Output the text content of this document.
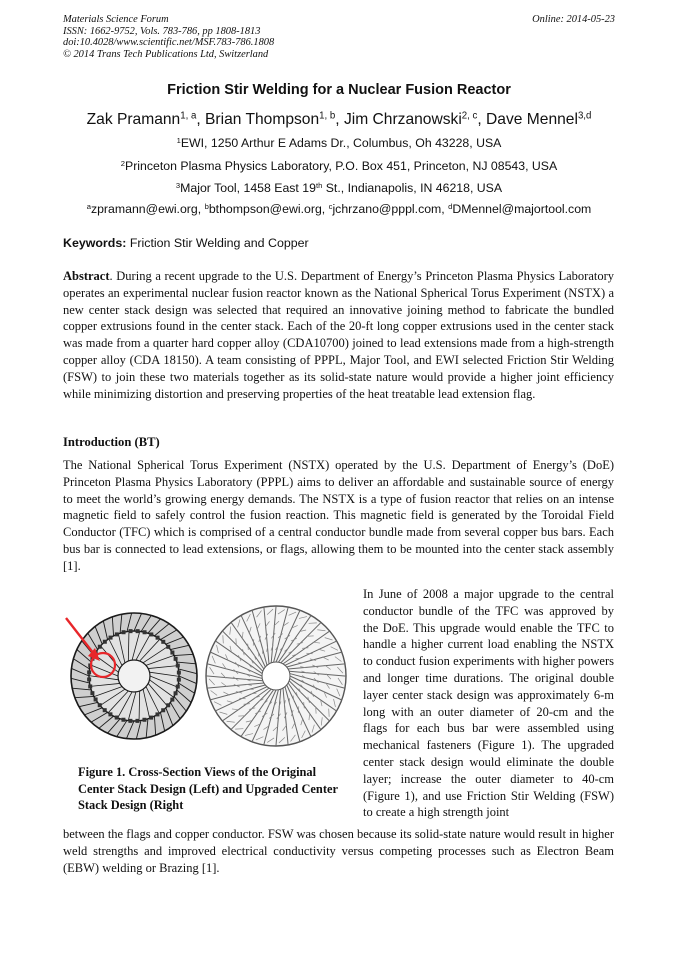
Materials Science Forum
ISSN: 1662-9752, Vols. 783-786, pp 1808-1813
doi:10.4028/www.scientific.net/MSF.783-786.1808
© 2014 Trans Tech Publications Ltd, Switzerland
Online: 2014-05-23
Friction Stir Welding for a Nuclear Fusion Reactor
Zak Pramann$^{1, a}$, Brian Thompson$^{1, b}$, Jim Chrzanowski$^{2, c}$, Dave Mennel$^{3,d}$
$^1$EWI, 1250 Arthur E Adams Dr., Columbus, Oh 43228, USA
$^2$Princeton Plasma Physics Laboratory, P.O. Box 451, Princeton, NJ 08543, USA
$^3$Major Tool, 1458 East 19th St., Indianapolis, IN 46218, USA
$^a$zpramann@ewi.org, $^b$bthompson@ewi.org, $^c$jchrzano@pppl.com, $^d$DMennel@majortool.com
Keywords: Friction Stir Welding and Copper

Abstract. During a recent upgrade to the U.S. Department of Energy’s Princeton Plasma Physics Laboratory operates an experimental nuclear fusion reactor known as the National Spherical Torus Experiment (NSTX) a new center stack design was selected that required an innovative joining method to fabricate the bundled copper extrusions found in the center stack. Each of the 20-ft long copper extrusions used in the center stack was made from a quarter hard copper alloy (CDA10700) joined to lead extensions made from a high-strength copper alloy (CDA 18150). A team consisting of PPPL, Major Tool, and EWI selected Friction Stir Welding (FSW) to join these two materials together as its solid-state nature would provide a higher joint efficiency while minimizing distortion and preserving properties of the heat treatable lead extension flag.

Introduction (BT)

The National Spherical Torus Experiment (NSTX) operated by the U.S. Department of Energy’s (DoE) Princeton Plasma Physics Laboratory (PPPL) aims to deliver an affordable and sustainable source of energy to meet the world’s growing energy demands. The NSTX is a type of fusion reactor that relies on an intense magnetic field to safely control the fusion reaction. This magnetic field is generated by the Toroidal Field Conductor (TFC) which is comprised of a central conductor bundle made from several copper bus bars. Each bus bar is connected to lead extensions, or flags, allowing them to be mounted into the center stack assembly [1].

In June of 2008 a major upgrade to the central conductor bundle of the TFC was approved by the DoE. This upgrade would enable the TFC to handle a higher current load enabling the NSTX to conduct fusion experiments with higher powers and longer time durations. The original double layer center stack design was approximately 6-m long with an outer diameter of 20-cm and the flags for each bus bar were assembled using mechanical fasteners (Figure 1). The upgraded center stack design would eliminate the double layer; increase the outer diameter to 40-cm (Figure 1), and use Friction Stir Welding (FSW) to create a high strength joint

Figure 1. Cross-Section Views of the Original Center Stack Design (Left) and Upgraded Center Stack Design (Right

between the flags and copper conductor. FSW was chosen because its solid-state nature would result in higher weld strengths and improved electrical conductivity versus competing processes such as Electron Beam (EBW) welding or Brazing [1].
